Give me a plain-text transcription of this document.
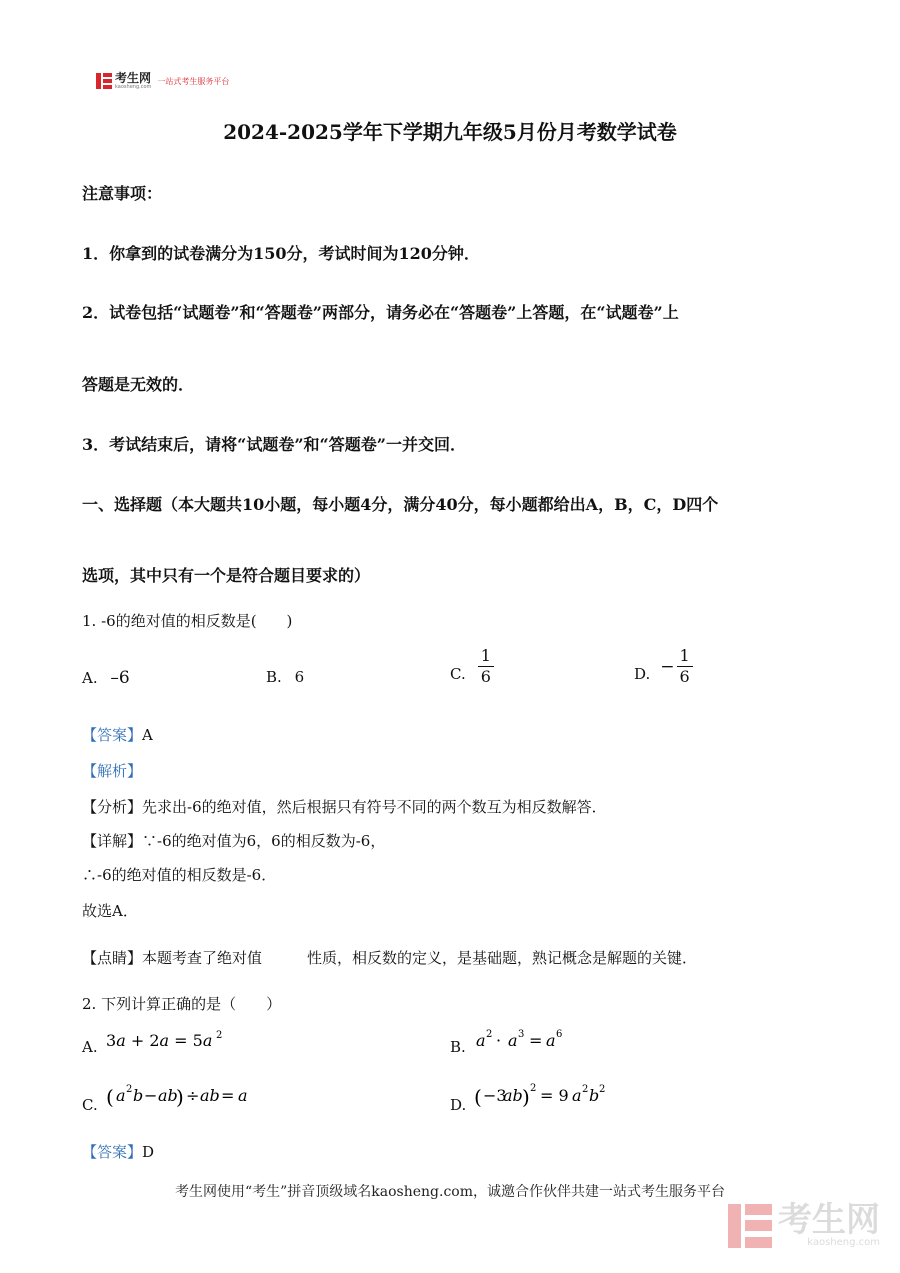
考生网
kaosheng.com
一站式考生服务平台
2024-2025学年下学期九年级5月份月考数学试卷
注意事项：
1．你拿到的试卷满分为150分，考试时间为120分钟．
2．试卷包括“试题卷”和“答题卷”两部分，请务必在“答题卷”上答题，在“试题卷”上
答题是无效的．
3．考试结束后，请将“试题卷”和“答题卷”一并交回．
一、选择题（本大题共10小题，每小题4分，满分40分，每小题都给出A，B，C，D四个
选项，其中只有一个是符合题目要求的）
1. -6的绝对值的相反数是(　　)
A. –6	B. 6	C. $\frac{1}{6}$	D. − $\frac{1}{6}$
【答案】A
【解析】
【分析】先求出-6的绝对值，然后根据只有符号不同的两个数互为相反数解答．
【详解】∵-6的绝对值为6，6的相反数为-6，
∴-6的绝对值的相反数是-6．
故选A．
【点睛】本题考查了绝对值　　　性质，相反数的定义，是基础题，熟记概念是解题的关键．
2. 下列计算正确的是（　　）
A. 3a + 2a = 5a 2
B. a 2 · a 3 = a 6
C. ( a 2 b − ab
) ÷ ab = a	D. ( −3
ab ) 2 = 9 a 2 b 2
【答案】D
考生网使用“考生”拼音顶级域名kaosheng.com，诚邀合作伙伴共建一站式考生服务平台
考生网
kaosheng.com
